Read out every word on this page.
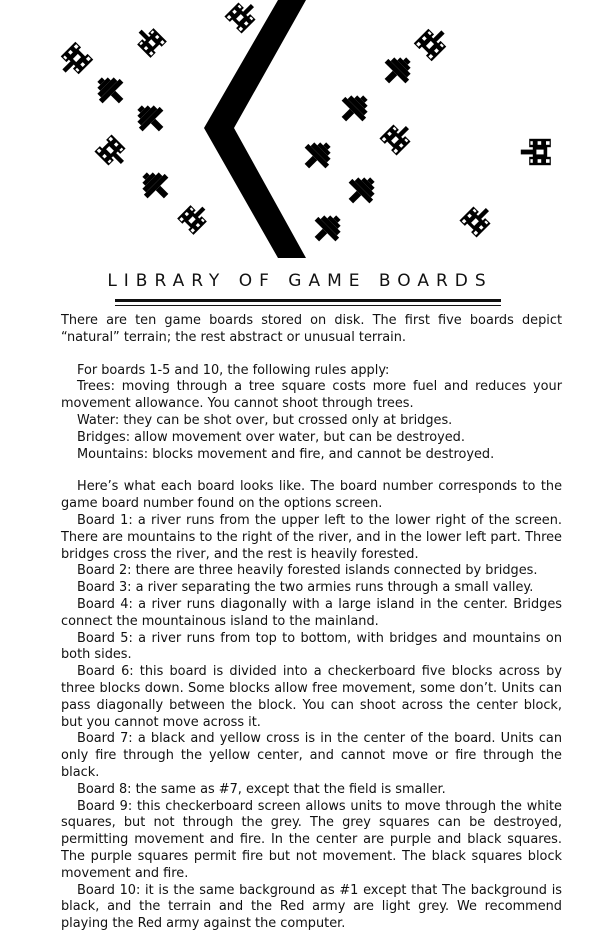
LIBRARY OF GAME BOARDS

There are ten game boards stored on disk. The first five boards depict “natural” terrain; the rest abstract or unusual terrain.

For boards 1-5 and 10, the following rules apply:

Trees: moving through a tree square costs more fuel and reduces your movement allowance. You cannot shoot through trees.

Water: they can be shot over, but crossed only at bridges.

Bridges: allow movement over water, but can be destroyed.

Mountains: blocks movement and fire, and cannot be destroyed.

Here’s what each board looks like. The board number corresponds to the game board number found on the options screen.

Board 1: a river runs from the upper left to the lower right of the screen. There are mountains to the right of the river, and in the lower left part. Three bridges cross the river, and the rest is heavily forested.

Board 2: there are three heavily forested islands connected by bridges.

Board 3: a river separating the two armies runs through a small valley.

Board 4: a river runs diagonally with a large island in the center. Bridges connect the mountainous island to the mainland.

Board 5: a river runs from top to bottom, with bridges and mountains on both sides.

Board 6: this board is divided into a checkerboard five blocks across by three blocks down. Some blocks allow free movement, some don’t. Units can pass diagonally between the block. You can shoot across the center block, but you cannot move across it.

Board 7: a black and yellow cross is in the center of the board. Units can only fire through the yellow center, and cannot move or fire through the black.

Board 8: the same as #7, except that the field is smaller.

Board 9: this checkerboard screen allows units to move through the white squares, but not through the grey. The grey squares can be destroyed, permitting movement and fire. In the center are purple and black squares. The purple squares permit fire but not movement. The black squares block movement and fire.

Board 10: it is the same background as #1 except that The background is black, and the terrain and the Red army are light grey. We recommend playing the Red army against the computer.
